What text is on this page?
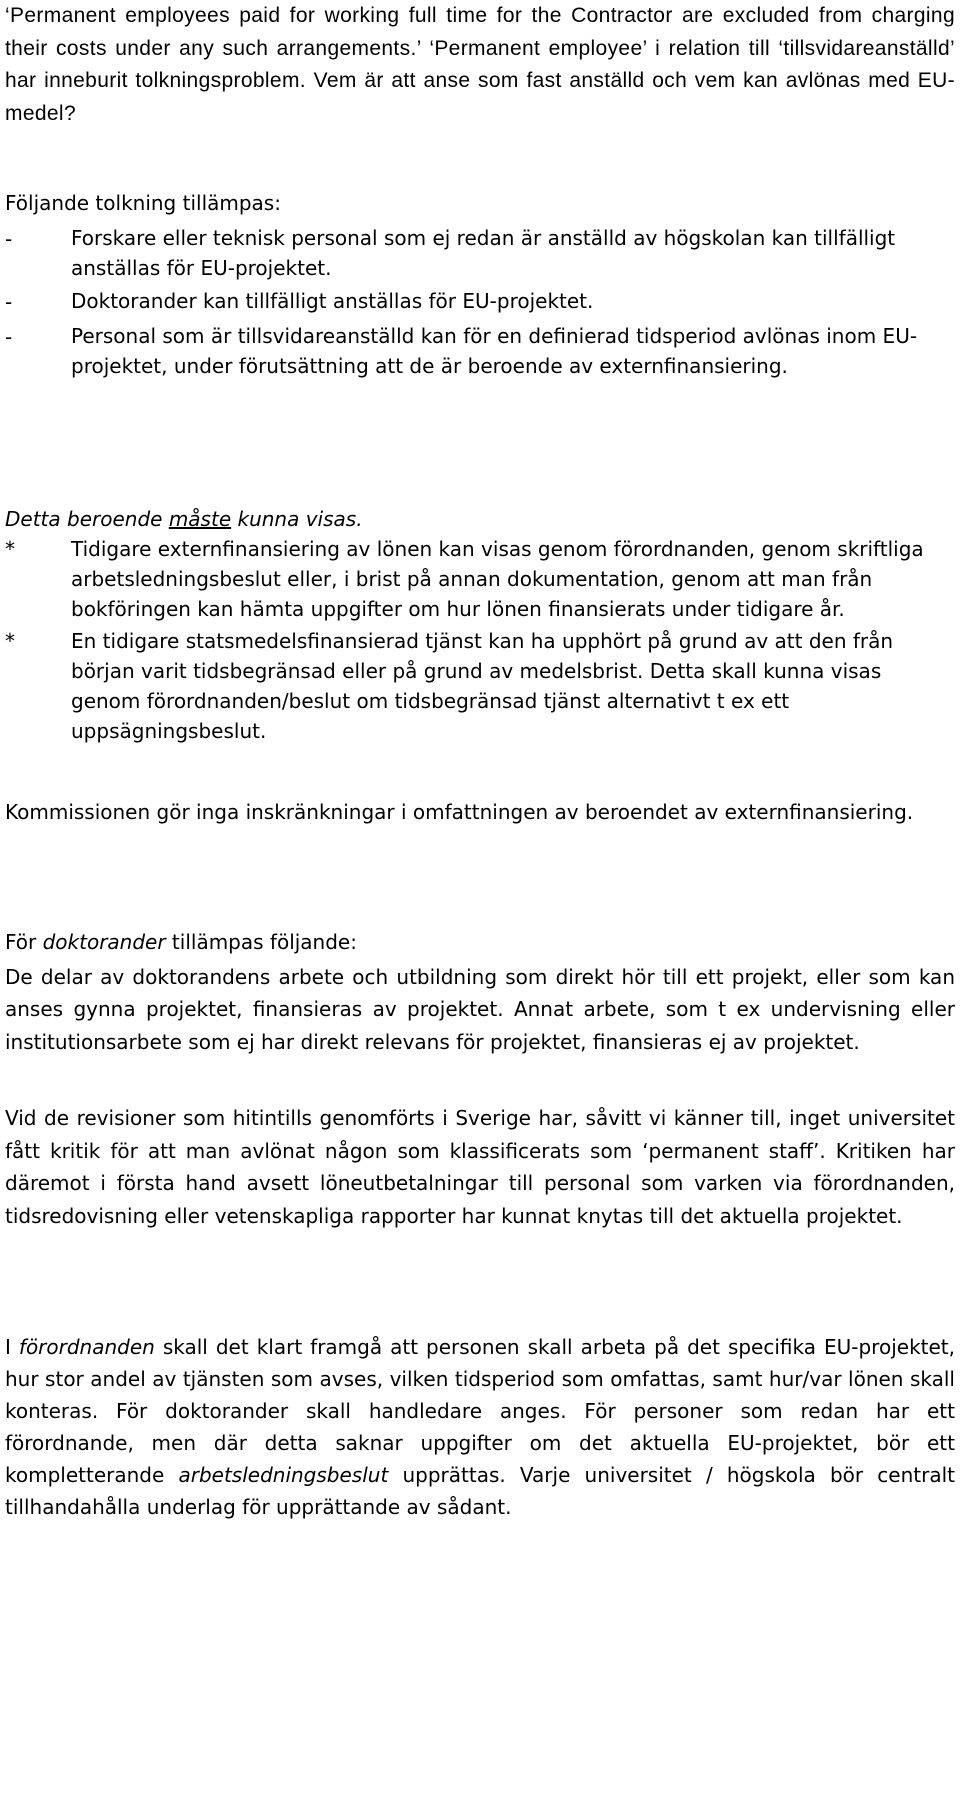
‘Permanent employees paid for working full time for the Contractor are excluded from charging their costs under any such arrangements.’ ‘Permanent employee’ i relation till ‘tillsvidareanställd’ har inneburit tolkningsproblem. Vem är att anse som fast anställd och vem kan avlönas med EU-medel?

Följande tolkning tillämpas:

-	Forskare eller teknisk personal som ej redan är anställd av högskolan kan tillfälligt anställas för EU-projektet.
-	Doktorander kan tillfälligt anställas för EU-projektet.
-	Personal som är tillsvidareanställd kan för en definierad tidsperiod avlönas inom EU-projektet, under förutsättning att de är beroende av externfinansiering.
Detta beroende måste kunna visas.
*	Tidigare externfinansiering av lönen kan visas genom förordnanden, genom skriftliga arbetsledningsbeslut eller, i brist på annan dokumentation, genom att man från bokföringen kan hämta uppgifter om hur lönen finansierats under tidigare år.
*	En tidigare statsmedelsfinansierad tjänst kan ha upphört på grund av att den från början varit tidsbegränsad eller på grund av medelsbrist. Detta skall kunna visas genom förordnanden/beslut om tidsbegränsad tjänst alternativt t ex ett uppsägningsbeslut.

Kommissionen gör inga inskränkningar i omfattningen av beroendet av externfinansiering.

För doktorander tillämpas följande:

De delar av doktorandens arbete och utbildning som direkt hör till ett projekt, eller som kan anses gynna projektet, finansieras av projektet. Annat arbete, som t ex undervisning eller institutionsarbete som ej har direkt relevans för projektet, finansieras ej av projektet.

Vid de revisioner som hitintills genomförts i Sverige har, såvitt vi känner till, inget universitet fått kritik för att man avlönat någon som klassificerats som ‘permanent staff’. Kritiken har däremot i första hand avsett löneutbetalningar till personal som varken via förordnanden, tidsredovisning eller vetenskapliga rapporter har kunnat knytas till det aktuella projektet.

I förordnanden skall det klart framgå att personen skall arbeta på det specifika EU-projektet, hur stor andel av tjänsten som avses, vilken tidsperiod som omfattas, samt hur/var lönen skall konteras. För doktorander skall handledare anges. För personer som redan har ett förordnande, men där detta saknar uppgifter om det aktuella EU-projektet, bör ett kompletterande arbetsledningsbeslut upprättas. Varje universitet / högskola bör centralt tillhandahålla underlag för upprättande av sådant.
